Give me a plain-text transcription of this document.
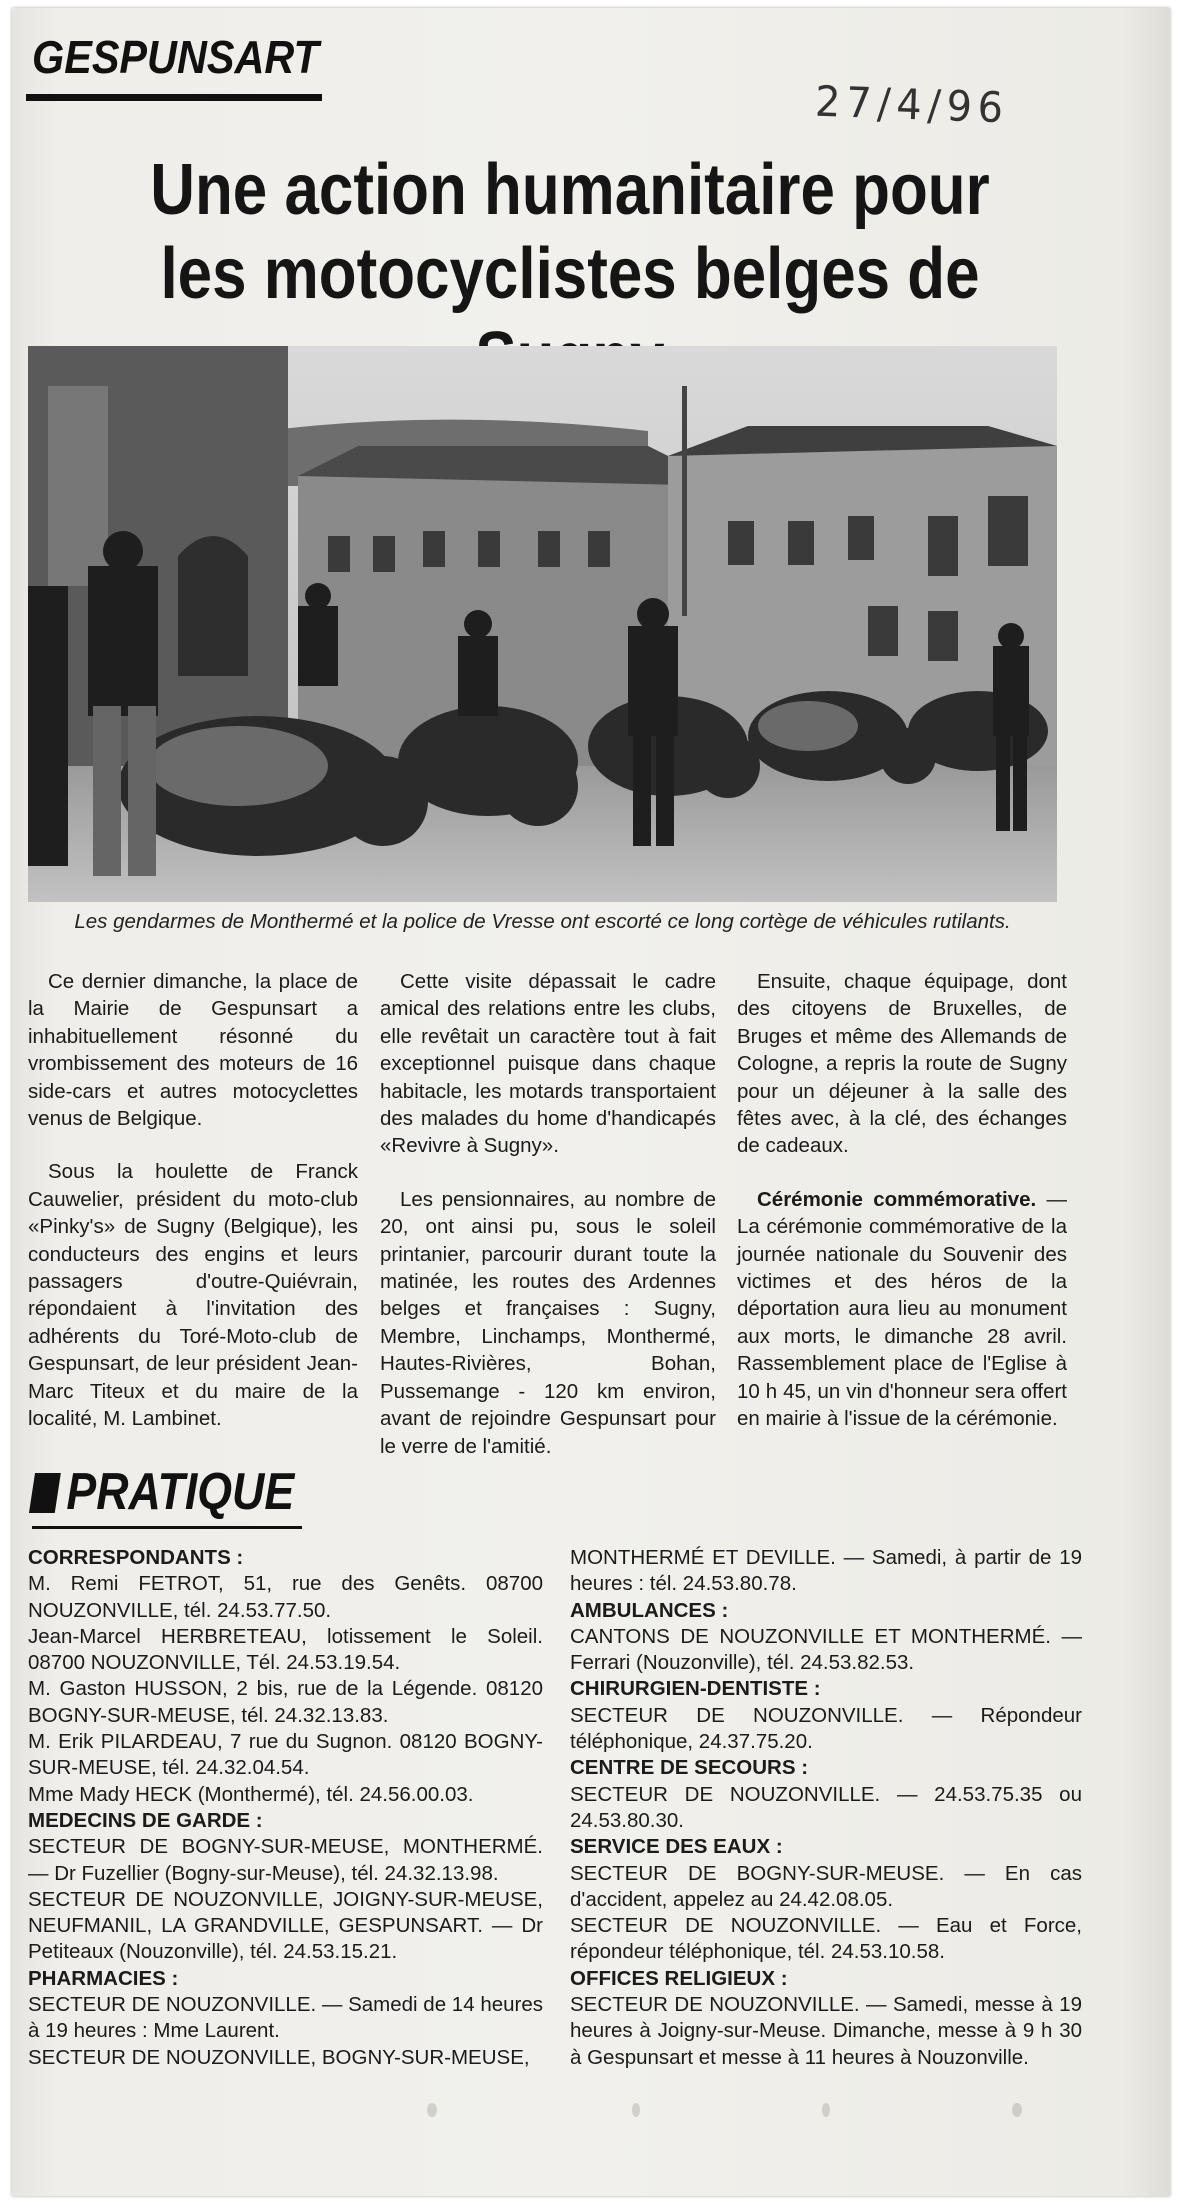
GESPUNSART
27/4/96
Une action humanitaire pour
les motocyclistes belges de
Les gendarmes de Monthermé et la police de Vresse ont escorté ce long cortège de véhicules rutilants.

Ce dernier dimanche, la place de la Mairie de Gespunsart a inhabituellement résonné du vrombissement des moteurs de 16 side-cars et autres motocyclettes venus de Belgique.

Sous la houlette de Franck Cauwelier, président du moto-club «Pinky's» de Sugny (Belgique), les conducteurs des engins et leurs passagers d'outre-Quiévrain, répondaient à l'invitation des adhérents du Toré-Moto-club de Gespunsart, de leur président Jean-Marc Titeux et du maire de la localité, M. Lambinet.

Cette visite dépassait le cadre amical des relations entre les clubs, elle revêtait un caractère tout à fait exceptionnel puisque dans chaque habitacle, les motards transportaient des malades du home d'handicapés «Revivre à Sugny».

Les pensionnaires, au nombre de 20, ont ainsi pu, sous le soleil printanier, parcourir durant toute la matinée, les routes des Ardennes belges et françaises : Sugny, Membre, Linchamps, Monthermé, Hautes-Rivières, Bohan, Pussemange - 120 km environ, avant de rejoindre Gespunsart pour le verre de l'amitié.

Ensuite, chaque équipage, dont des citoyens de Bruxelles, de Bruges et même des Allemands de Cologne, a repris la route de Sugny pour un déjeuner à la salle des fêtes avec, à la clé, des échanges de cadeaux.

Cérémonie commémorative. — La cérémonie commémorative de la journée nationale du Souvenir des victimes et des héros de la déportation aura lieu au monument aux morts, le dimanche 28 avril. Rassemblement place de l'Eglise à 10 h 45, un vin d'honneur sera offert en mairie à l'issue de la cérémonie.

PRATIQUE
CORRESPONDANTS :
M. Remi FETROT, 51, rue des Genêts. 08700 NOUZONVILLE, tél. 24.53.77.50.
Jean-Marcel HERBRETEAU, lotissement le Soleil. 08700 NOUZONVILLE, Tél. 24.53.19.54.
M. Gaston HUSSON, 2 bis, rue de la Légende. 08120 BOGNY-SUR-MEUSE, tél. 24.32.13.83.
M. Erik PILARDEAU, 7 rue du Sugnon. 08120 BOGNY-SUR-MEUSE, tél. 24.32.04.54.
Mme Mady HECK (Monthermé), tél. 24.56.00.03.
MEDECINS DE GARDE :
SECTEUR DE BOGNY-SUR-MEUSE, MONTHERMÉ. — Dr Fuzellier (Bogny-sur-Meuse), tél. 24.32.13.98.
SECTEUR DE NOUZONVILLE, JOIGNY-SUR-MEUSE, NEUFMANIL, LA GRANDVILLE, GESPUNSART. — Dr Petiteaux (Nouzonville), tél. 24.53.15.21.
PHARMACIES :
SECTEUR DE NOUZONVILLE. — Samedi de 14 heures à 19 heures : Mme Laurent.
SECTEUR DE NOUZONVILLE, BOGNY-SUR-MEUSE,
MONTHERMÉ ET DEVILLE. — Samedi, à partir de 19 heures : tél. 24.53.80.78.
AMBULANCES :
CANTONS DE NOUZONVILLE ET MONTHERMÉ. — Ferrari (Nouzonville), tél. 24.53.82.53.
CHIRURGIEN-DENTISTE :
SECTEUR DE NOUZONVILLE. — Répondeur téléphonique, 24.37.75.20.
CENTRE DE SECOURS :
SECTEUR DE NOUZONVILLE. — 24.53.75.35 ou 24.53.80.30.
SERVICE DES EAUX :
SECTEUR DE BOGNY-SUR-MEUSE. — En cas d'accident, appelez au 24.42.08.05.
SECTEUR DE NOUZONVILLE. — Eau et Force, répondeur téléphonique, tél. 24.53.10.58.
OFFICES RELIGIEUX :
SECTEUR DE NOUZONVILLE. — Samedi, messe à 19 heures à Joigny-sur-Meuse. Dimanche, messe à 9 h 30 à Gespunsart et messe à 11 heures à Nouzonville.
